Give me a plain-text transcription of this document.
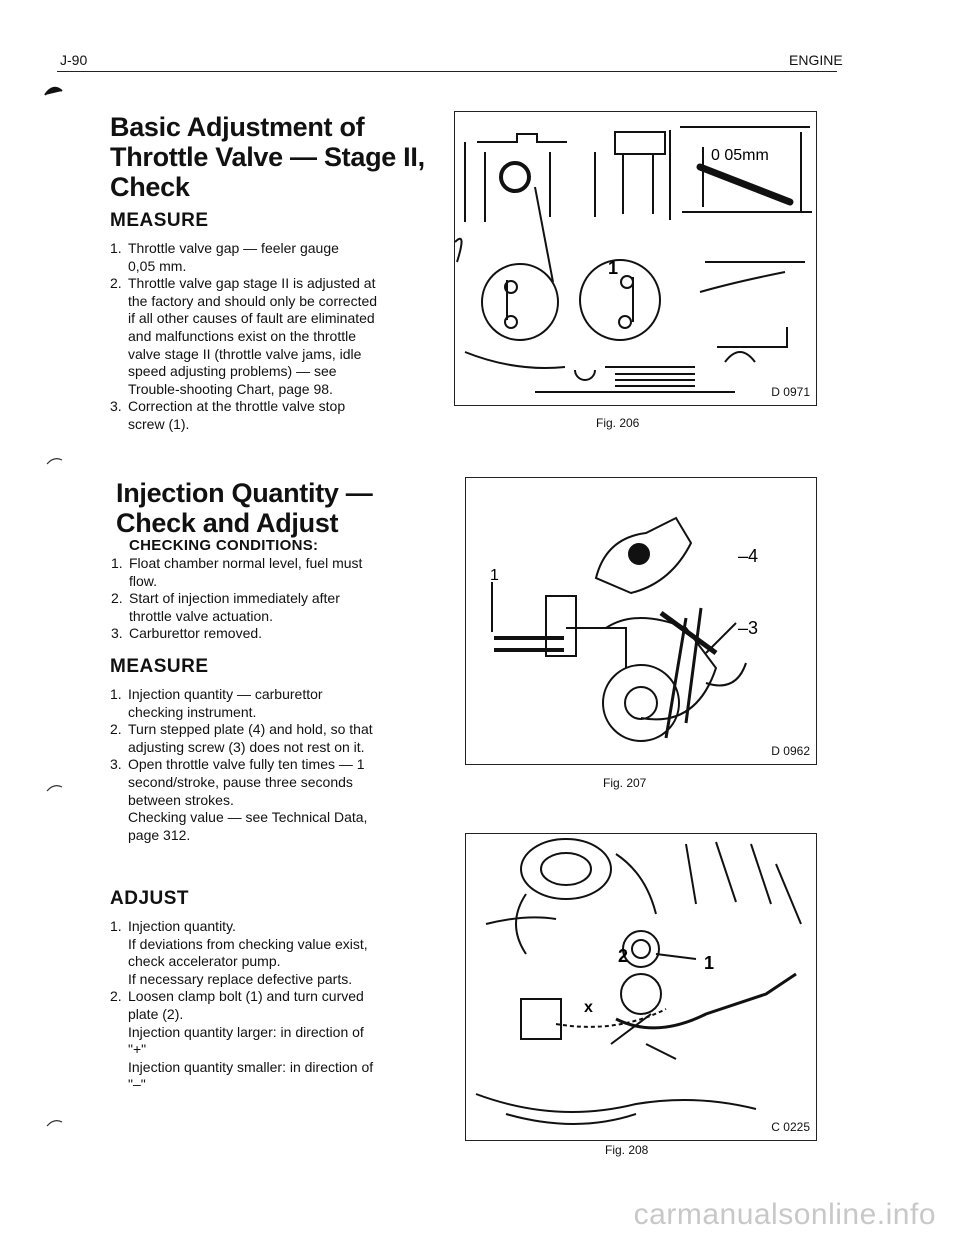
J-90	ENGINE
Basic Adjustment of
Throttle Valve — Stage II,
Check
MEASURE
1. Throttle valve gap — feeler gauge
0,05 mm.
2. Throttle valve gap stage II is adjusted at
the factory and should only be corrected
if all other causes of fault are eliminated
and malfunctions exist on the throttle
valve stage II (throttle valve jams, idle
speed adjusting problems) — see
Trouble-shooting Chart, page 98.
3. Correction at the throttle valve stop
screw (1).
Injection Quantity —
Check and Adjust
CHECKING CONDITIONS:
1. Float chamber normal level, fuel must
flow.
2. Start of injection immediately after
throttle valve actuation.
3. Carburettor removed.
MEASURE
1. Injection quantity — carburettor
checking instrument.
2. Turn stepped plate (4) and hold, so that
adjusting screw (3) does not rest on it.
3. Open throttle valve fully ten times — 1
second/stroke, pause three seconds
between strokes.
Checking value — see Technical Data,
page 312.
ADJUST
1. Injection quantity.
If deviations from checking value exist,
check accelerator pump.
If necessary replace defective parts.
2. Loosen clamp bolt (1) and turn curved
plate (2).
Injection quantity larger: in direction of
"+"
Injection quantity smaller: in direction of
"–"
1
0 05mm
D 0971
Fig. 206
1
–4
–3
D 0962
Fig. 207
2	1
x
C 0225
Fig. 208
carmanualsonline.info
